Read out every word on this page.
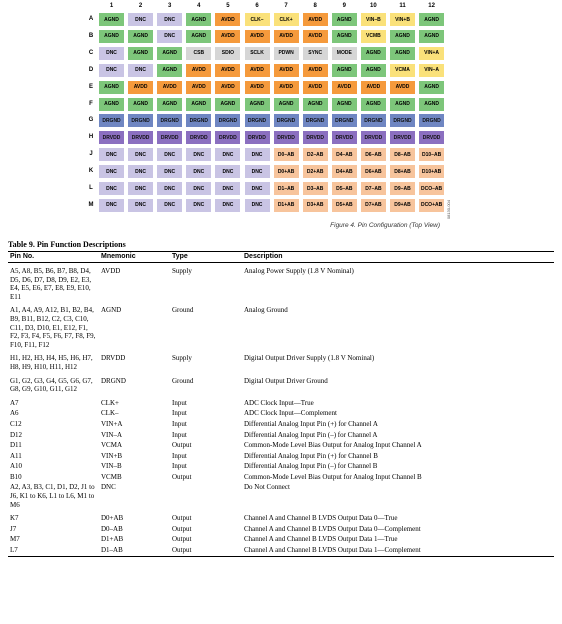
Figure 4. Pin Configuration (Top View)
08130-004
1	2	3	4	5	6	7	8	9	10	11	12
A	AGND	DNC	DNC	AGND	AVDD	CLK–	CLK+	AVDD	AGND	VIN–B	VIN+B	AGND
B	AGND	AGND	DNC	AGND	AVDD	AVDD	AVDD	AVDD	AGND	VCMB	AGND	AGND
C	DNC	AGND	AGND	CSB	SDIO	SCLK	PDWN	SYNC	MODE	AGND	AGND	VIN+A
D	DNC	DNC	AGND	AVDD	AVDD	AVDD	AVDD	AVDD	AGND	AGND	VCMA	VIN–A
E	AGND	AVDD	AVDD	AVDD	AVDD	AVDD	AVDD	AVDD	AVDD	AVDD	AVDD	AGND
F	AGND	AGND	AGND	AGND	AGND	AGND	AGND	AGND	AGND	AGND	AGND	AGND
G	DRGND	DRGND	DRGND	DRGND	DRGND	DRGND	DRGND	DRGND	DRGND	DRGND	DRGND	DRGND
H	DRVDD	DRVDD	DRVDD	DRVDD	DRVDD	DRVDD	DRVDD	DRVDD	DRVDD	DRVDD	DRVDD	DRVDD
J	DNC	DNC	DNC	DNC	DNC	DNC	D0–AB	D2–AB	D4–AB	D6–AB	D8–AB	D10–AB
K	DNC	DNC	DNC	DNC	DNC	DNC	D0+AB	D2+AB	D4+AB	D6+AB	D8+AB	D10+AB
L	DNC	DNC	DNC	DNC	DNC	DNC	D1–AB	D3–AB	D5–AB	D7–AB	D9–AB	DCO–AB
M	DNC	DNC	DNC	DNC	DNC	DNC	D1+AB	D3+AB	D5+AB	D7+AB	D9+AB	DCO+AB
Table 9. Pin Function Descriptions
Pin No.	Mnemonic	Type	Description
A5, A8, B5, B6, B7, B8, D4, D5, D6, D7, D8, D9, E2, E3, E4, E5, E6, E7, E8, E9, E10, E11	AVDD	Supply	Analog Power Supply (1.8 V Nominal)
A1, A4, A9, A12, B1, B2, B4, B9, B11, B12, C2, C3, C10, C11, D3, D10, E1, E12, F1, F2, F3, F4, F5, F6, F7, F8, F9, F10, F11, F12	AGND	Ground	Analog Ground
H1, H2, H3, H4, H5, H6, H7, H8, H9, H10, H11, H12	DRVDD	Supply	Digital Output Driver Supply (1.8 V Nominal)
G1, G2, G3, G4, G5, G6, G7, G8, G9, G10, G11, G12	DRGND	Ground	Digital Output Driver Ground
A7	CLK+	Input	ADC Clock Input—True
A6	CLK–	Input	ADC Clock Input—Complement
C12	VIN+A	Input	Differential Analog Input Pin (+) for Channel A
D12	VIN–A	Input	Differential Analog Input Pin (–) for Channel A
D11	VCMA	Output	Common-Mode Level Bias Output for Analog Input Channel A
A11	VIN+B	Input	Differential Analog Input Pin (+) for Channel B
A10	VIN–B	Input	Differential Analog Input Pin (–) for Channel B
B10	VCMB	Output	Common-Mode Level Bias Output for Analog Input Channel B
A2, A3, B3, C1, D1, D2, J1 to J6, K1 to K6, L1 to L6, M1 to M6	DNC		Do Not Connect
K7	D0+AB	Output	Channel A and Channel B LVDS Output Data 0—True
J7	D0–AB	Output	Channel A and Channel B LVDS Output Data 0—Complement
M7	D1+AB	Output	Channel A and Channel B LVDS Output Data 1—True
L7	D1–AB	Output	Channel A and Channel B LVDS Output Data 1—Complement
